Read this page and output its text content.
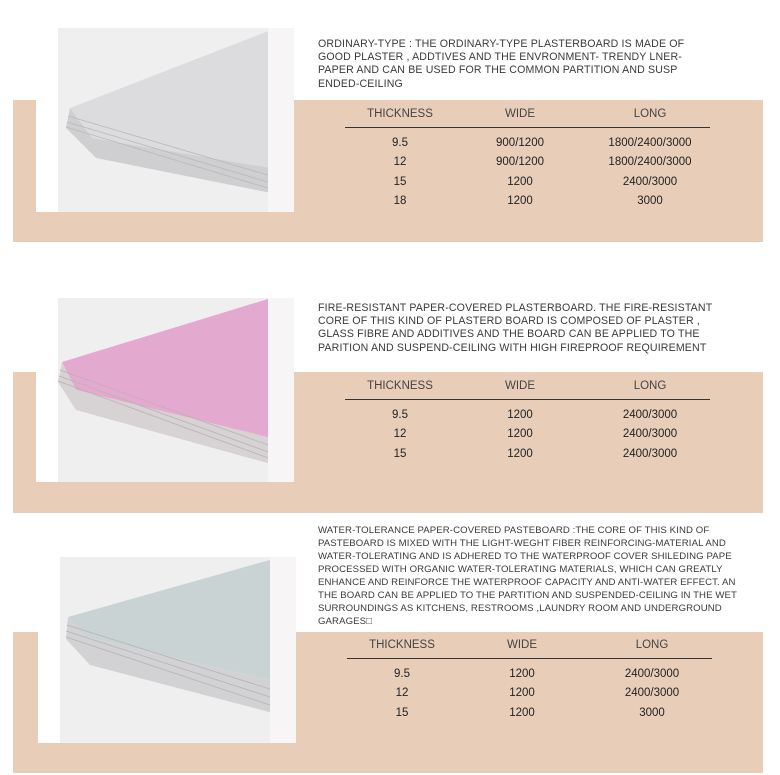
ORDINARY-TYPE : THE ORDINARY-TYPE PLASTERBOARD IS MADE OF
GOOD PLASTER , ADDTIVES AND THE ENVRONMENT- TRENDY LNER-
PAPER AND CAN BE USED FOR THE COMMON PARTITION AND SUSP
ENDED-CEILING
THICKNESS	WIDE	LONG
9.5	900/1200	1800/2400/3000
12	900/1200	1800/2400/3000
15	1200	2400/3000
18	1200	3000
FIRE-RESISTANT PAPER-COVERED PLASTERBOARD. THE FIRE-RESISTANT
CORE OF THIS KIND OF PLASTERD BOARD IS COMPOSED OF PLASTER ,
GLASS FIBRE AND ADDITIVES AND THE BOARD CAN BE APPLIED TO THE
PARITION AND SUSPEND-CEILING WITH HIGH FIREPROOF REQUIREMENT
THICKNESS	WIDE	LONG
9.5	1200	2400/3000
12	1200	2400/3000
15	1200	2400/3000
WATER-TOLERANCE PAPER-COVERED PASTEBOARD :THE CORE OF THIS KIND OF
PASTEBOARD IS MIXED WITH THE LIGHT-WEGHT FIBER REINFORCING-MATERIAL AND
WATER-TOLERATING AND IS ADHERED TO THE WATERPROOF COVER SHILEDING PAPE
PROCESSED WITH ORGANIC WATER-TOLERATING MATERIALS, WHICH CAN GREATLY
ENHANCE AND REINFORCE THE WATERPROOF CAPACITY AND ANTI-WATER EFFECT. AN
THE BOARD CAN BE APPLIED TO THE PARTITION AND SUSPENDED-CEILING IN THE WET
SURROUNDINGS AS KITCHENS, RESTROOMS ,LAUNDRY ROOM AND UNDERGROUND
GARAGES□
THICKNESS	WIDE	LONG
9.5	1200	2400/3000
12	1200	2400/3000
15	1200	3000
